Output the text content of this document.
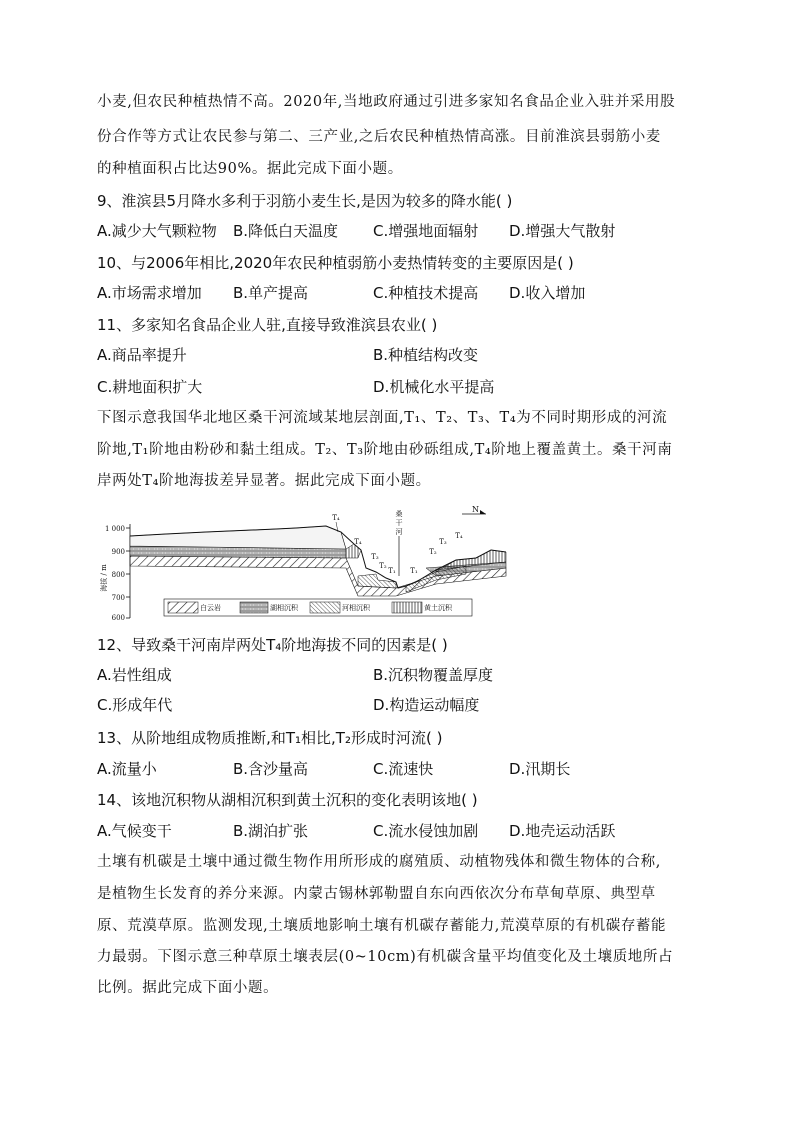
小麦,但农民种植热情不高。2020年,当地政府通过引进多家知名食品企业入驻并采用股
份合作等方式让农民参与第二、三产业,之后农民种植热情高涨。目前淮滨县弱筋小麦
的种植面积占比达90%。据此完成下面小题。
9、淮滨县5月降水多利于羽筋小麦生长,是因为较多的降水能( )
A.减少大气颗粒物 B.降低白天温度 C.增强地面辐射 D.增强大气散射
10、与2006年相比,2020年农民种植弱筋小麦热情转变的主要原因是( )
A.市场需求增加 B.单产提高	C.种植技术提高 D.收入增加
11、多家知名食品企业人驻,直接导致淮滨县农业( )
A.商品率提升	B.种植结构改变
C.耕地面积扩大	D.机械化水平提高
下图示意我国华北地区桑干河流域某地层剖面,T₁、T₂、T₃、T₄为不同时期形成的河流
阶地,T₁阶地由粉砂和黏土组成。T₂、T₃阶地由砂砾组成,T₄阶地上覆盖黄土。桑干河南
岸两处T₄阶地海拔差异显著。据此完成下面小题。
1 000
900
800
700
600
海拔 / m
N
桑
干
河
T₄
T₄
T₃
T₂
T₁ T₁
T₂
T₃
T₄
白云岩	湖相沉积	河相沉积	黄土沉积
12、导致桑干河南岸两处T₄阶地海拔不同的因素是( )
A.岩性组成	B.沉积物覆盖厚度
C.形成年代	D.构造运动幅度
13、从阶地组成物质推断,和T₁相比,T₂形成时河流( )
A.流量小	B.含沙量高	C.流速快	D.汛期长
14、该地沉积物从湖相沉积到黄土沉积的变化表明该地( )
A.气候变干	B.湖泊扩张	C.流水侵蚀加剧 D.地壳运动活跃
土壤有机碳是土壤中通过微生物作用所形成的腐殖质、动植物残体和微生物体的合称,
是植物生长发育的养分来源。内蒙古锡林郭勒盟自东向西依次分布草甸草原、典型草
原、荒漠草原。监测发现,土壤质地影响土壤有机碳存蓄能力,荒漠草原的有机碳存蓄能
力最弱。下图示意三种草原土壤表层(0~10cm)有机碳含量平均值变化及土壤质地所占
比例。据此完成下面小题。
